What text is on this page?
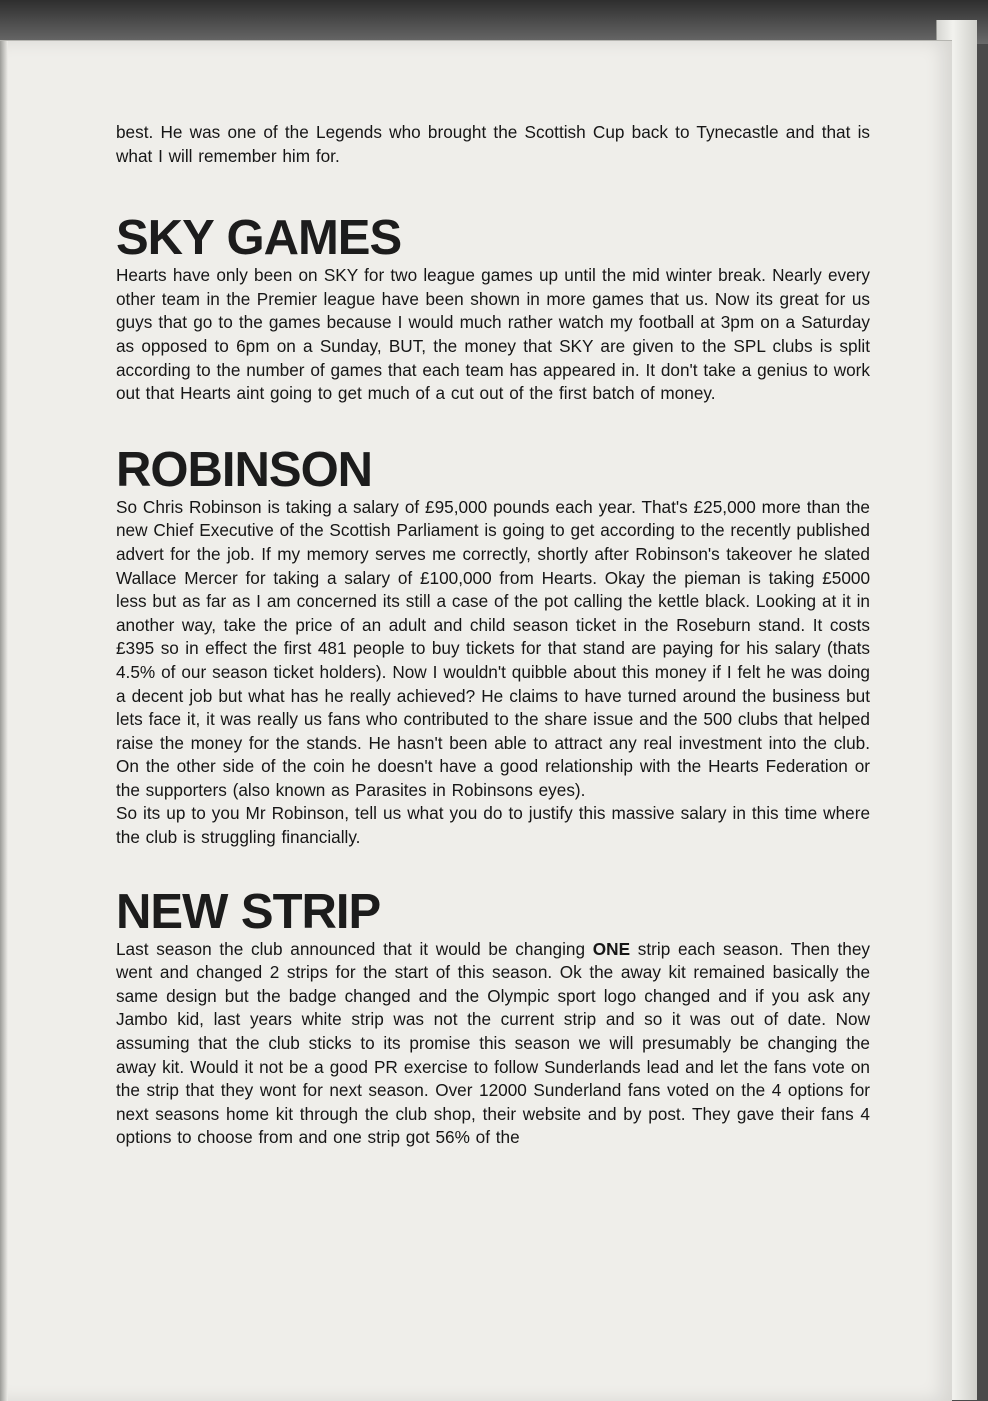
best. He was one of the Legends who brought the Scottish Cup back to Tynecastle and that is what I will remember him for.

SKY GAMES

Hearts have only been on SKY for two league games up until the mid winter break. Nearly every other team in the Premier league have been shown in more games that us. Now its great for us guys that go to the games because I would much rather watch my football at 3pm on a Saturday as opposed to 6pm on a Sunday, BUT, the money that SKY are given to the SPL clubs is split according to the number of games that each team has appeared in. It don't take a genius to work out that Hearts aint going to get much of a cut out of the first batch of money.

ROBINSON

So Chris Robinson is taking a salary of £95,000 pounds each year. That's £25,000 more than the new Chief Executive of the Scottish Parliament is going to get according to the recently published advert for the job. If my memory serves me correctly, shortly after Robinson's takeover he slated Wallace Mercer for taking a salary of £100,000 from Hearts. Okay the pieman is taking £5000 less but as far as I am concerned its still a case of the pot calling the kettle black. Looking at it in another way, take the price of an adult and child season ticket in the Roseburn stand. It costs £395 so in effect the first 481 people to buy tickets for that stand are paying for his salary (thats 4.5% of our season ticket holders). Now I wouldn't quibble about this money if I felt he was doing a decent job but what has he really achieved? He claims to have turned around the business but lets face it, it was really us fans who contributed to the share issue and the 500 clubs that helped raise the money for the stands. He hasn't been able to attract any real investment into the club. On the other side of the coin he doesn't have a good relationship with the Hearts Federation or the supporters (also known as Parasites in Robinsons eyes).

So its up to you Mr Robinson, tell us what you do to justify this massive salary in this time where the club is struggling financially.

NEW STRIP

Last season the club announced that it would be changing ONE strip each season. Then they went and changed 2 strips for the start of this season. Ok the away kit remained basically the same design but the badge changed and the Olympic sport logo changed and if you ask any Jambo kid, last years white strip was not the current strip and so it was out of date. Now assuming that the club sticks to its promise this season we will presumably be changing the away kit. Would it not be a good PR exercise to follow Sunderlands lead and let the fans vote on the strip that they wont for next season. Over 12000 Sunderland fans voted on the 4 options for next seasons home kit through the club shop, their website and by post. They gave their fans 4 options to choose from and one strip got 56% of the
